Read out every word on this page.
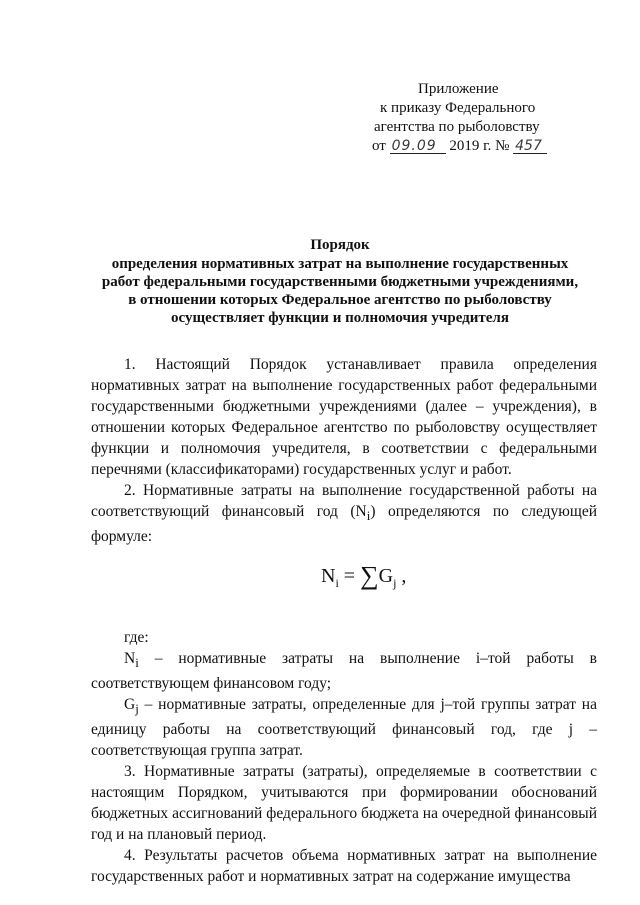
Приложение
к приказу Федерального
агентства по рыболовству
от 09.09 2019 г. № 457
Порядок
определения нормативных затрат на выполнение государственных работ федеральными государственными бюджетными учреждениями, в отношении которых Федеральное агентство по рыболовству осуществляет функции и полномочия учредителя

1. Настоящий Порядок устанавливает правила определения нормативных затрат на выполнение государственных работ федеральными государственными бюджетными учреждениями (далее – учреждения), в отношении которых Федеральное агентство по рыболовству осуществляет функции и полномочия учредителя, в соответствии с федеральными перечнями (классификаторами) государственных услуг и работ.

2. Нормативные затраты на выполнение государственной работы на соответствующий финансовый год $(N_i)$ определяются по следующей формуле:

$N_i = \sum G_j$ ,

где:

$N_i$ – нормативные затраты на выполнение i–той работы в соответствующем финансовом году;

$G_j$ – нормативные затраты, определенные для j–той группы затрат на единицу работы на соответствующий финансовый год, где j – соответствующая группа затрат.

3. Нормативные затраты (затраты), определяемые в соответствии с настоящим Порядком, учитываются при формировании обоснований бюджетных ассигнований федерального бюджета на очередной финансовый год и на плановый период.

4. Результаты расчетов объема нормативных затрат на выполнение государственных работ и нормативных затрат на содержание имущества
